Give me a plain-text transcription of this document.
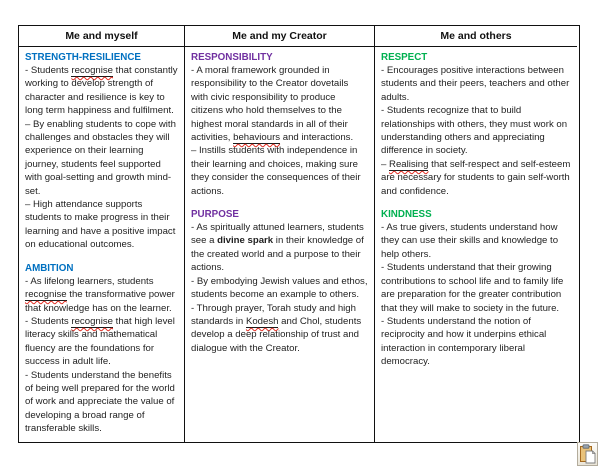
Me and myself	Me and my Creator	Me and others
STRENGTH-RESILIENCE
- Students recognise that constantly working to develop strength of character and resilience is key to long term happiness and fulfilment.
– By enabling students to cope with challenges and obstacles they will experience on their learning journey, students feel supported with goal-setting and growth mind-set.
– High attendance supports students to make progress in their learning and have a positive impact on educational outcomes.
AMBITION
- As lifelong learners, students recognise the transformative power that knowledge has on the learner.
- Students recognise that high level literacy skills and mathematical fluency are the foundations for success in adult life.
- Students understand the benefits of being well prepared for the world of work and appreciate the value of developing a broad range of transferable skills.
RESPONSIBILITY
- A moral framework grounded in responsibility to the Creator dovetails with civic responsibility to produce citizens who hold themselves to the highest moral standards in all of their activities, behaviours and interactions.
– Instills students with independence in their learning and choices, making sure they consider the consequences of their actions.
PURPOSE
- As spiritually attuned learners, students see a divine spark in their knowledge of the created world and a purpose to their actions.
- By embodying Jewish values and ethos, students become an example to others.
- Through prayer, Torah study and high standards in Kodesh and Chol, students develop a deep relationship of trust and dialogue with the Creator.
RESPECT
- Encourages positive interactions between students and their peers, teachers and other adults.
- Students recognize that to build relationships with others, they must work on understanding others and appreciating difference in society.
– Realising that self-respect and self-esteem are necessary for students to gain self-worth and confidence.
KINDNESS
- As true givers, students understand how they can use their skills and knowledge to help others.
- Students understand that their growing contributions to school life and to family life are preparation for the greater contribution that they will make to society in the future.
- Students understand the notion of reciprocity and how it underpins ethical interaction in contemporary liberal democracy.
